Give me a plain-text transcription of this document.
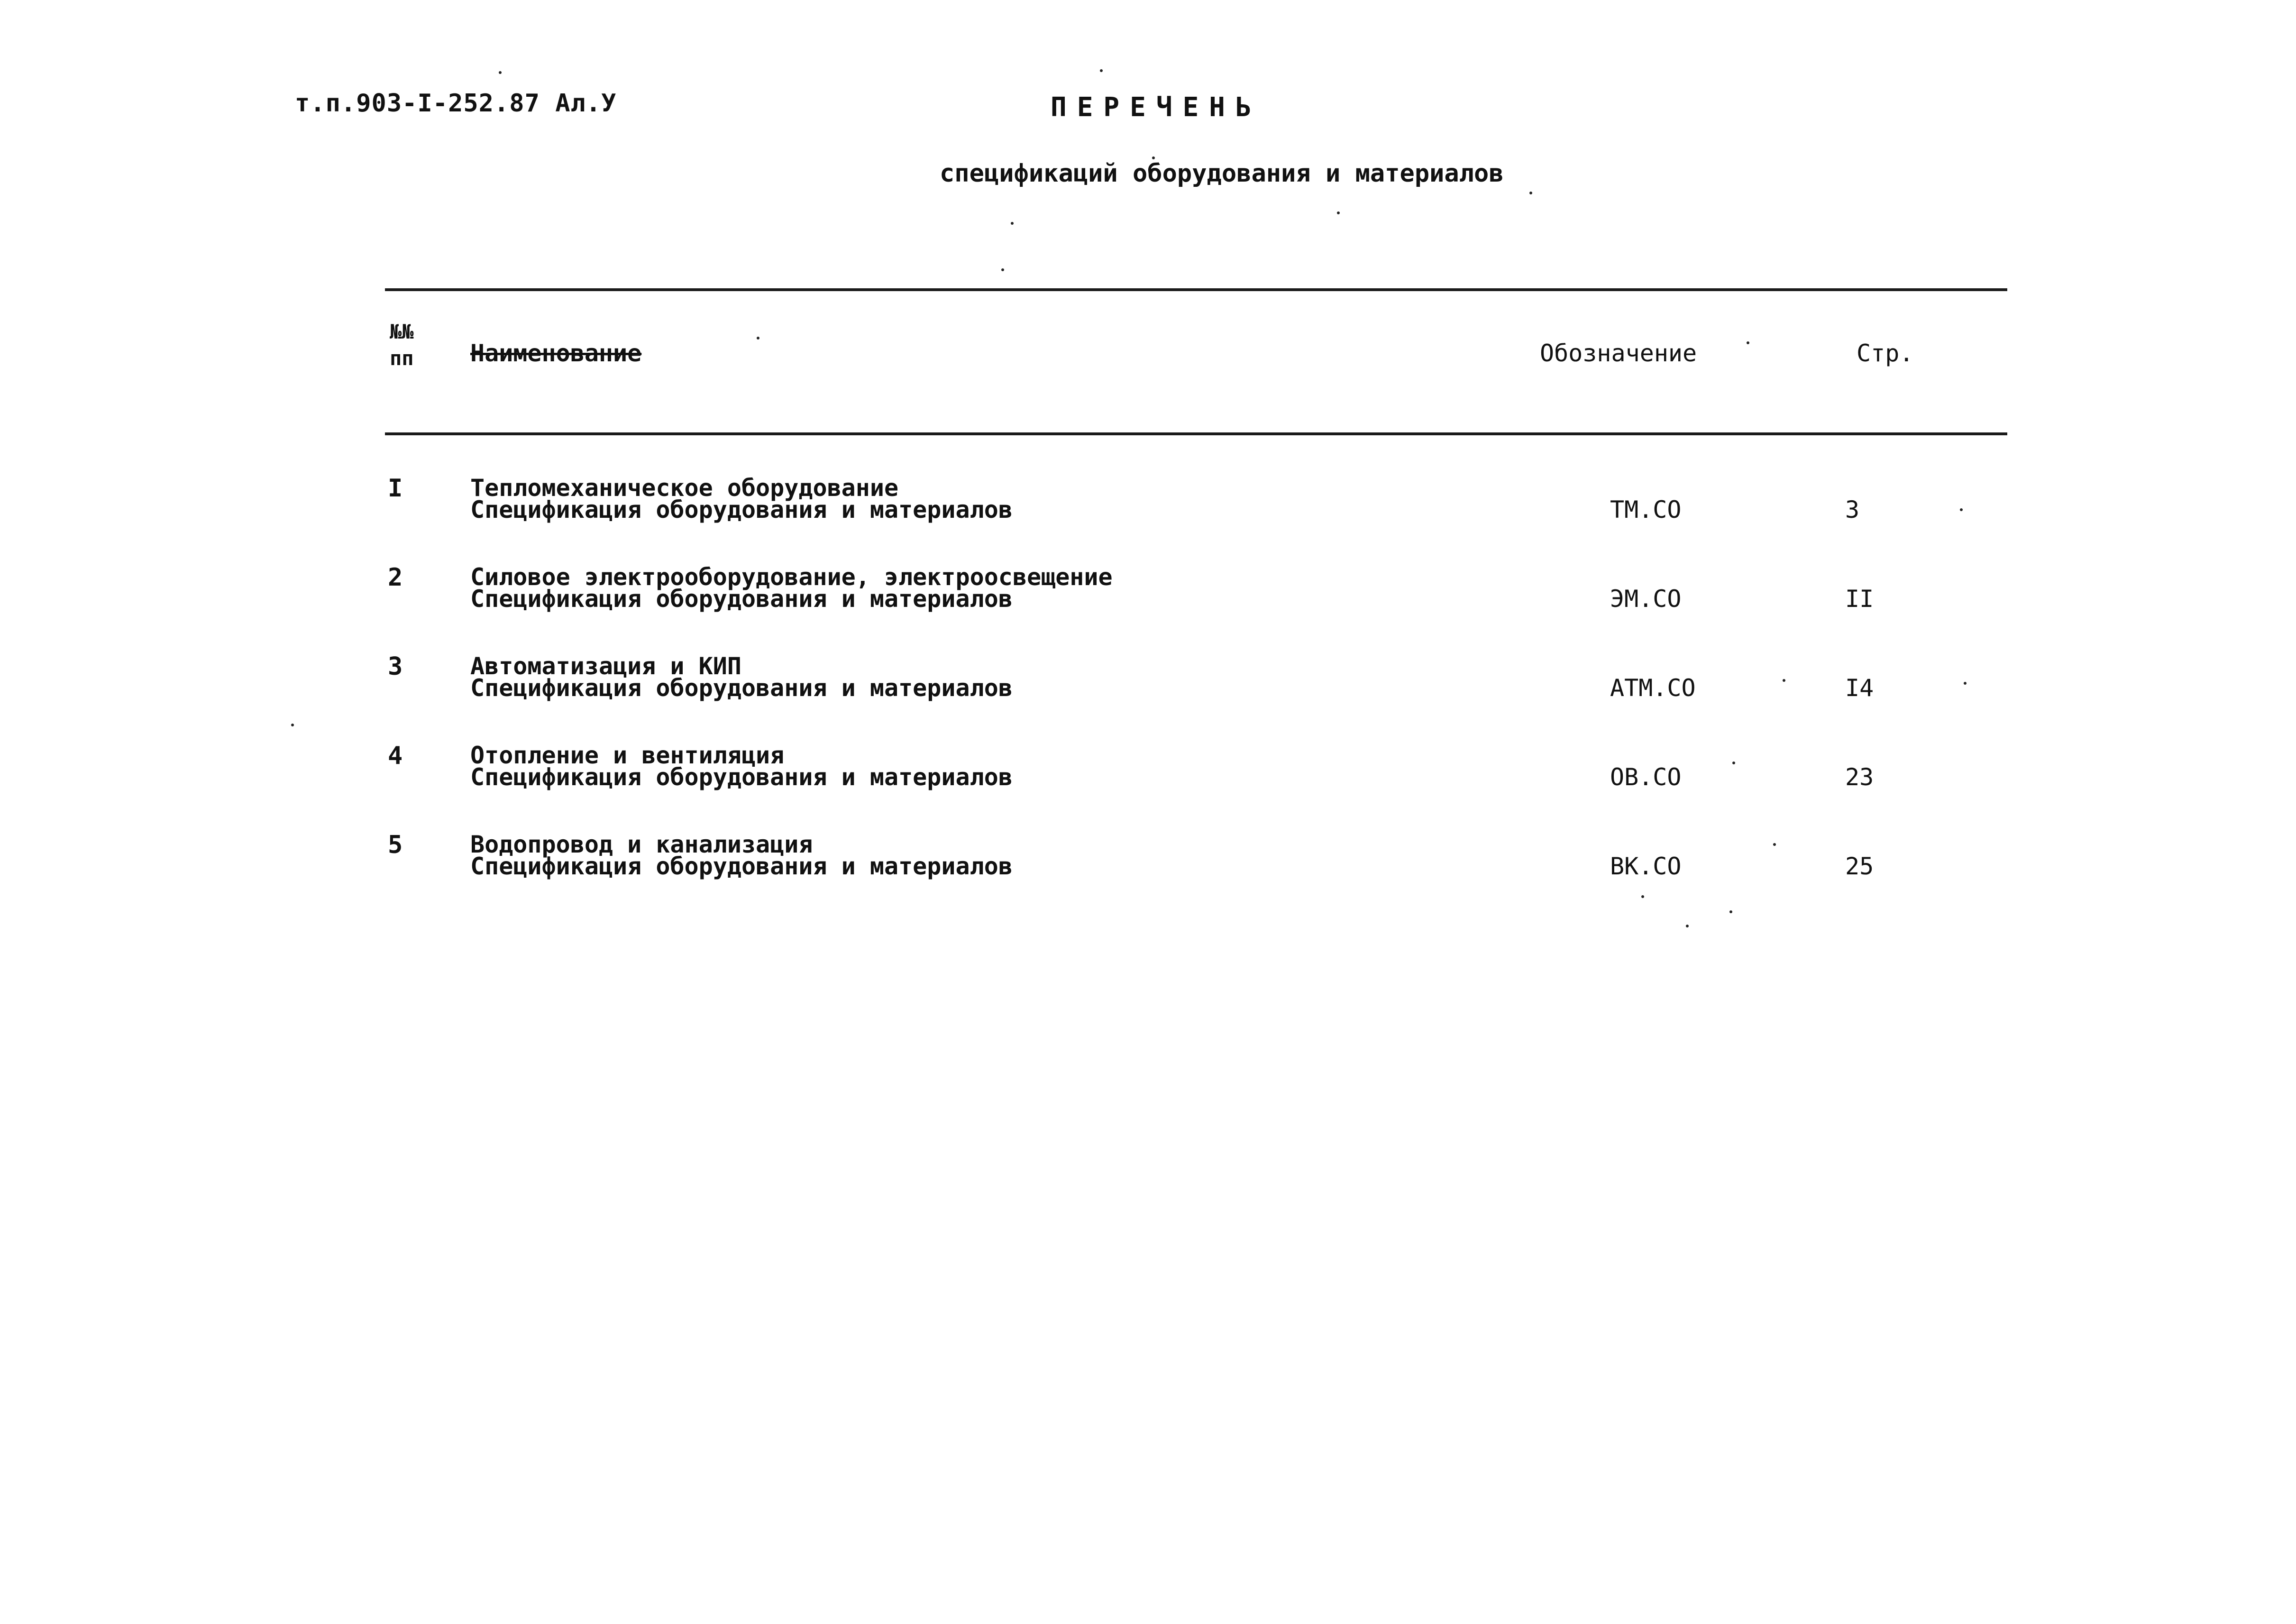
т.п.903-I-252.87 Ал.У	ПЕРЕЧЕНЬ
спецификаций оборудования и материалов
№№
пп Наименование	Обозначение	Стр.
I	Тепломеханическое оборудование
Спецификация оборудования и материалов	ТМ.СО	3
2	Силовое электрооборудование, электроосвещение
Спецификация оборудования и материалов	ЭМ.СО	II
3	Автоматизация и КИП
Спецификация оборудования и материалов	АТМ.СО	I4
4	Отопление и вентиляция
Спецификация оборудования и материалов	ОВ.СО	23
5	Водопровод и канализация
Спецификация оборудования и материалов	ВК.СО	25
